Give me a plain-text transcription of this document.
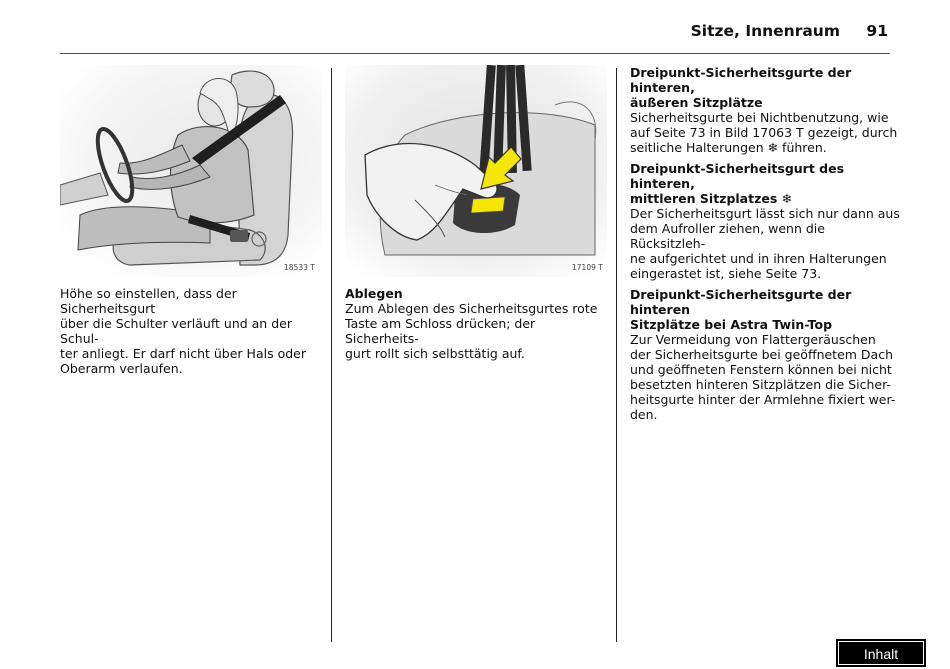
Sitze, Innenraum	91
18533 T	17109 T

Höhe so einstellen, dass der Sicherheitsgurt

über die Schulter verläuft und an der Schul-

ter anliegt. Er darf nicht über Hals oder

Oberarm verlaufen.

Ablegen

Zum Ablegen des Sicherheitsgurtes rote

Taste am Schloss drücken; der Sicherheits-

gurt rollt sich selbsttätig auf.

Dreipunkt-Sicherheitsgurte der hinteren,

äußeren Sitzplätze

Sicherheitsgurte bei Nichtbenutzung, wie

auf Seite 73 in Bild 17063 T gezeigt, durch

seitliche Halterungen ❄ führen.

Dreipunkt-Sicherheitsgurt des hinteren,

mittleren Sitzplatzes ❄

Der Sicherheitsgurt lässt sich nur dann aus

dem Aufroller ziehen, wenn die Rücksitzleh-

ne aufgerichtet und in ihren Halterungen

eingerastet ist, siehe Seite 73.

Dreipunkt-Sicherheitsgurte der hinteren

Sitzplätze bei Astra Twin-Top

Zur Vermeidung von Flattergeräuschen

der Sicherheitsgurte bei geöffnetem Dach

und geöffneten Fenstern können bei nicht

besetzten hinteren Sitzplätzen die Sicher-

heitsgurte hinter der Armlehne fixiert wer-

den.

Inhalt
